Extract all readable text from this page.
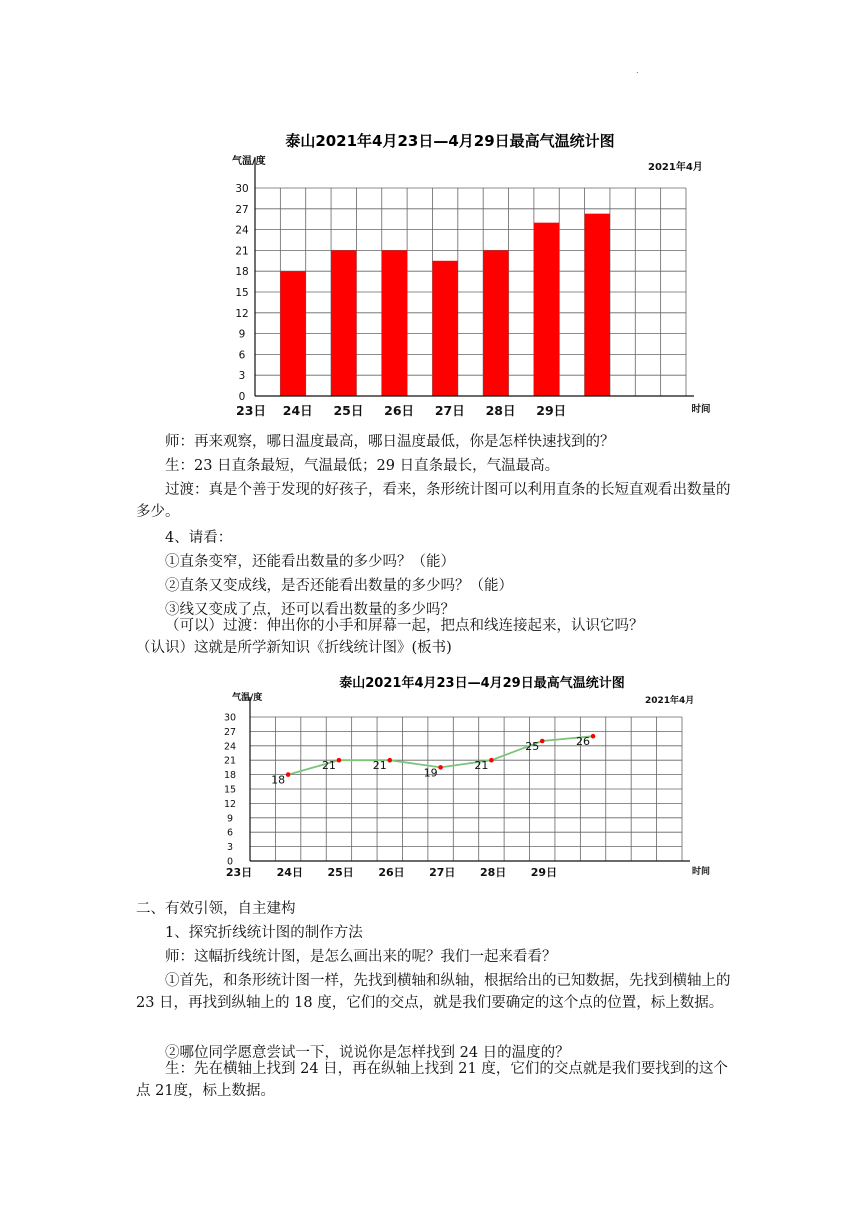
.
泰山2021年4月23日—4月29日最高气温统计图
气温/度
2021年4月
0
3
6
9
12
15
18
21
24
27
30
23日 24日 25日 26日 27日 28日 29日	时间

师：再来观察，哪日温度最高，哪日温度最低，你是怎样快速找到的？

生：23 日直条最短，气温最低；29 日直条最长，气温最高。

过渡：真是个善于发现的好孩子，看来，条形统计图可以利用直条的长短直观看出数量的多少。

4、请看：

①直条变窄，还能看出数量的多少吗？（能）

②直条又变成线，是否还能看出数量的多少吗？（能）

③线又变成了点，还可以看出数量的多少吗？

（可以）过渡：伸出你的小手和屏幕一起，把点和线连接起来，认识它吗？

（认识）这就是所学新知识《折线统计图》(板书)

泰山2021年4月23日—4月29日最高气温统计图
气温/度	2021年4月
0
3
6
9
12
15
18
21
24
27
30
18
21	21
19
21
25	26
23日 24日 25日 26日 27日 28日 29日	时间

二、有效引领，自主建构

1、探究折线统计图的制作方法

师：这幅折线统计图，是怎么画出来的呢？我们一起来看看？

①首先，和条形统计图一样，先找到横轴和纵轴，根据给出的已知数据，先找到横轴上的 23 日，再找到纵轴上的 18 度，它们的交点，就是我们要确定的这个点的位置，标上数据。

②哪位同学愿意尝试一下，说说你是怎样找到 24 日的温度的？

生：先在横轴上找到 24 日，再在纵轴上找到 21 度，它们的交点就是我们要找到的这个点 21度，标上数据。
